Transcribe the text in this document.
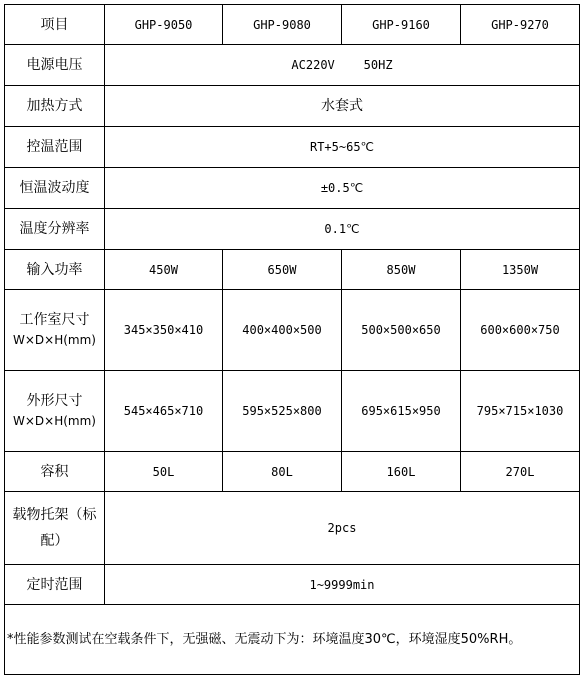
项目	GHP-9050	GHP-9080	GHP-9160	GHP-9270
电源电压	AC220V    50HZ			
加热方式	水套式			
控温范围	RT+5~65℃			
恒温波动度	±0.5℃			
温度分辨率	0.1℃			
输入功率	450W	650W	850W	1350W
工作室尺寸
W×D×H(mm)	345×350×410	400×400×500	500×500×650	600×600×750
外形尺寸
W×D×H(mm)	545×465×710	595×525×800	695×615×950	795×715×1030
容积	50L	80L	160L	270L
载物托架（标配）	2pcs			
定时范围	1~9999min			
*性能参数测试在空载条件下，无强磁、无震动下为：环境温度30℃，环境湿度50%RH。				
